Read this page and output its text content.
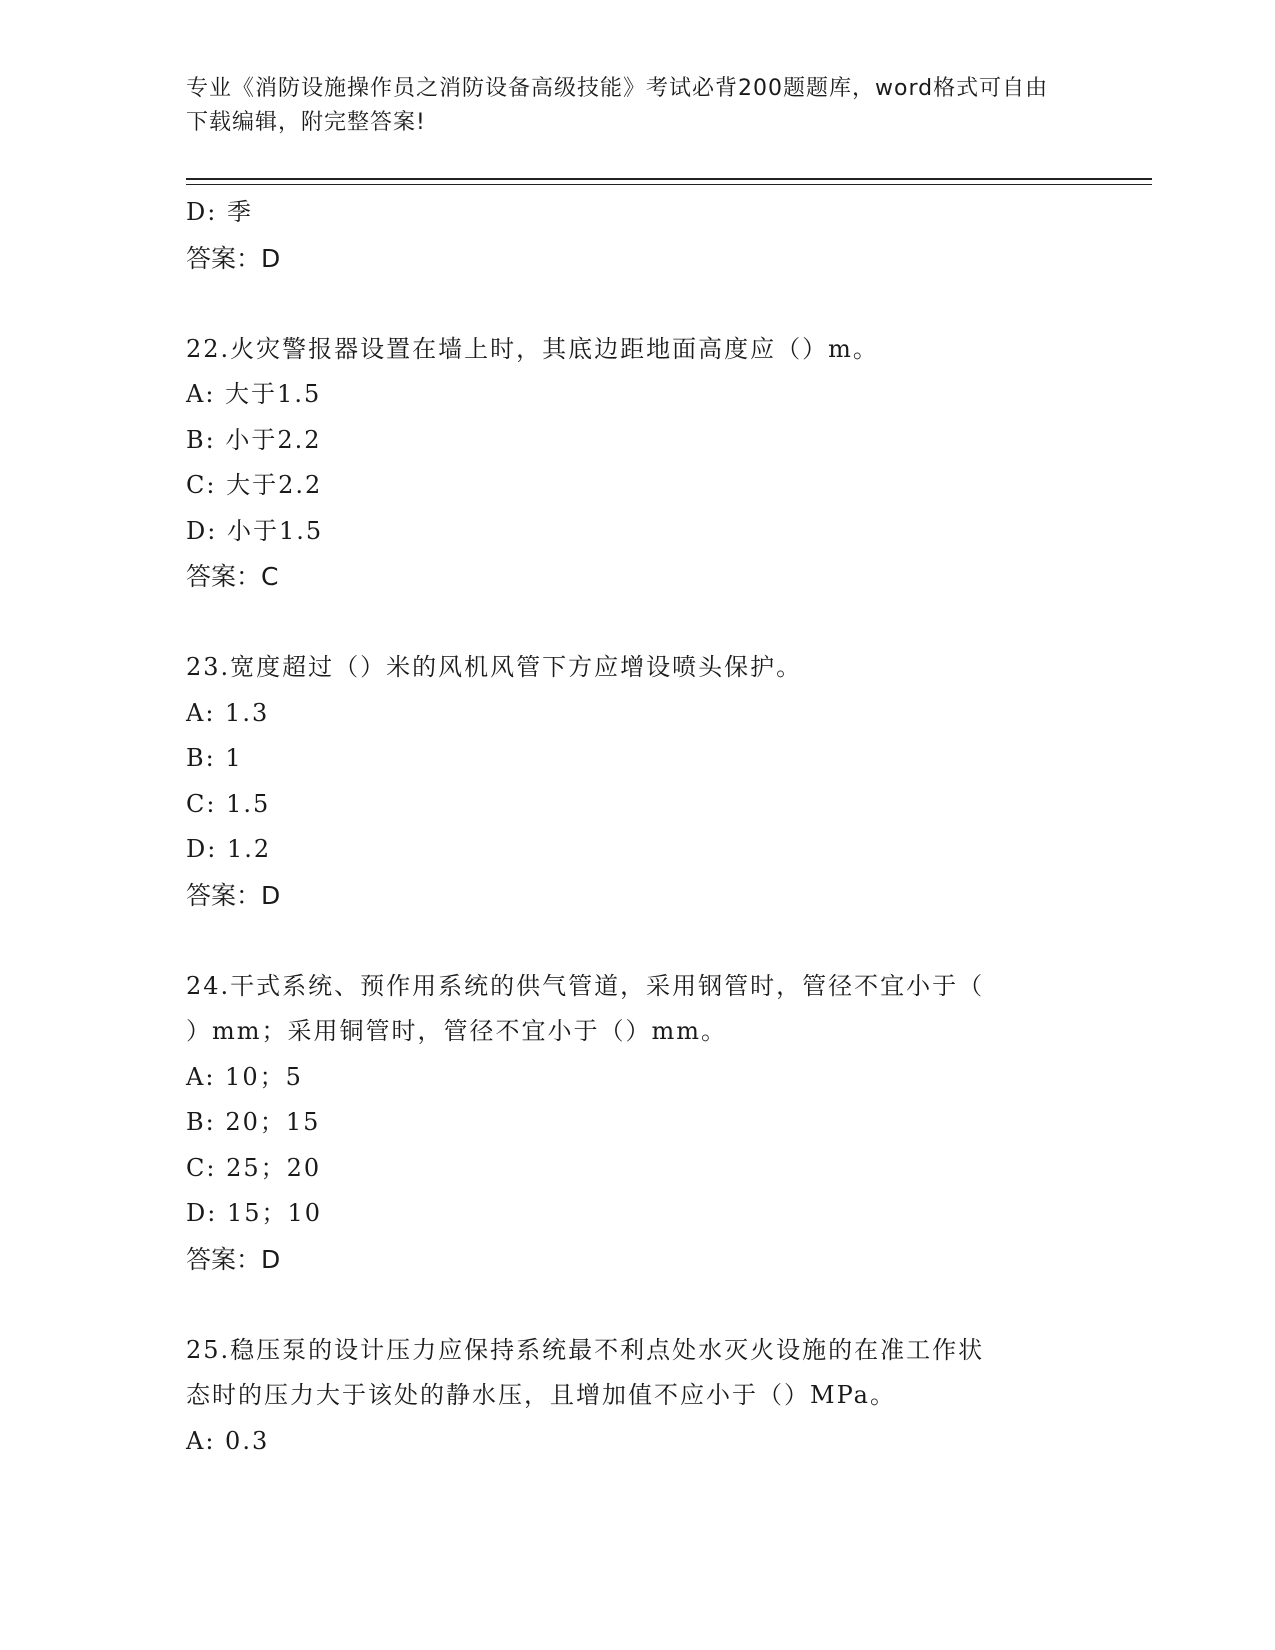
专业《消防设施操作员之消防设备高级技能》考试必背200题题库，word格式可自由下载编辑，附完整答案!
D: 季
答案：D
22.火灾警报器设置在墙上时，其底边距地面高度应（）m。
A: 大于1.5
B: 小于2.2
C: 大于2.2
D: 小于1.5
答案：C
23.宽度超过（）米的风机风管下方应增设喷头保护。
A: 1.3
B: 1
C: 1.5
D: 1.2
答案：D
24.干式系统、预作用系统的供气管道，采用钢管时，管径不宜小于（
）mm；采用铜管时，管径不宜小于（）mm。
A: 10；5
B: 20；15
C: 25；20
D: 15；10
答案：D
25.稳压泵的设计压力应保持系统最不利点处水灭火设施的在准工作状
态时的压力大于该处的静水压，且增加值不应小于（）MPa。
A: 0.3
